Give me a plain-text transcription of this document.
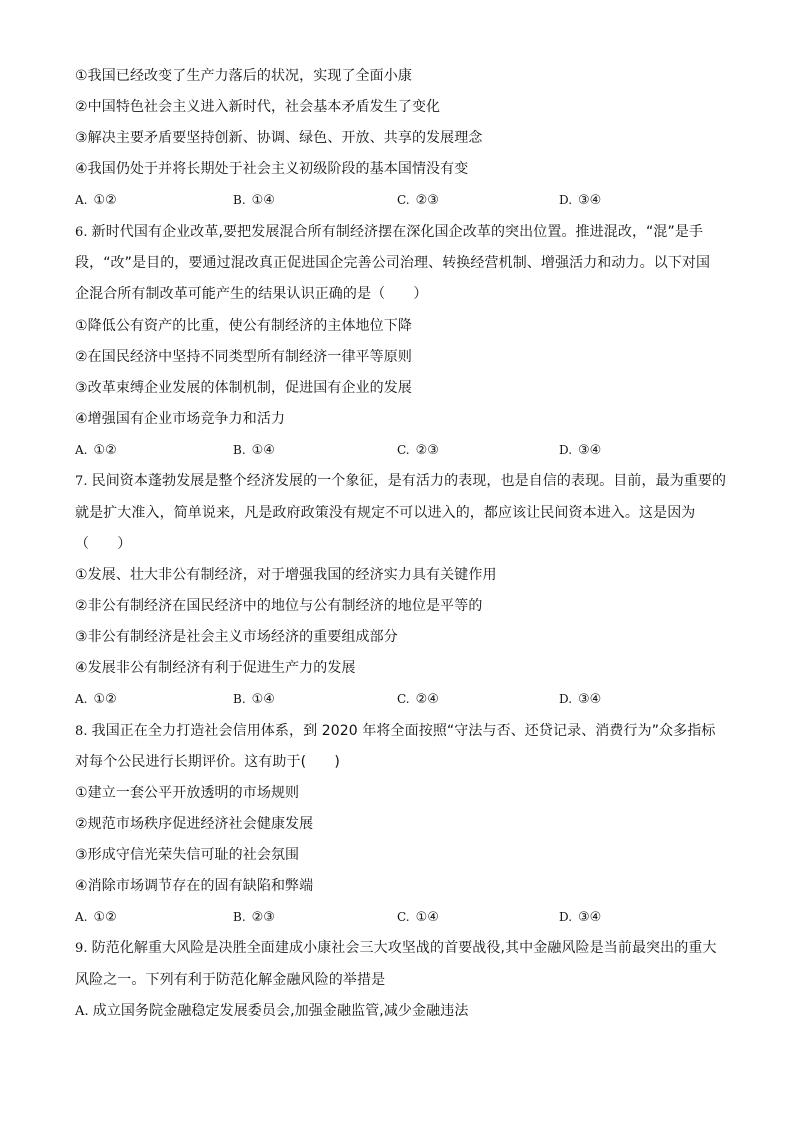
①我国已经改变了生产力落后的状况，实现了全面小康
②中国特色社会主义进入新时代，社会基本矛盾发生了变化
③解决主要矛盾要坚持创新、协调、绿色、开放、共享的发展理念
④我国仍处于并将长期处于社会主义初级阶段的基本国情没有变
A. ①②	B. ①④	C. ②③	D. ③④
6. 新时代国有企业改革,要把发展混合所有制经济摆在深化国企改革的突出位置。推进混改，“混”是手
段，“改”是目的，要通过混改真正促进国企完善公司治理、转换经营机制、增强活力和动力。以下对国
企混合所有制改革可能产生的结果认识正确的是（　　）
①降低公有资产的比重，使公有制经济的主体地位下降
②在国民经济中坚持不同类型所有制经济一律平等原则
③改革束缚企业发展的体制机制，促进国有企业的发展
④增强国有企业市场竞争力和活力
A. ①②	B. ①④	C. ②③	D. ③④
7. 民间资本蓬勃发展是整个经济发展的一个象征，是有活力的表现，也是自信的表现。目前，最为重要的
就是扩大准入，简单说来，凡是政府政策没有规定不可以进入的，都应该让民间资本进入。这是因为
（　　）
①发展、壮大非公有制经济，对于增强我国的经济实力具有关键作用
②非公有制经济在国民经济中的地位与公有制经济的地位是平等的
③非公有制经济是社会主义市场经济的重要组成部分
④发展非公有制经济有利于促进生产力的发展
A. ①②	B. ①④	C. ②④	D. ③④
8. 我国正在全力打造社会信用体系，到 2020 年将全面按照“守法与否、还贷记录、消费行为”众多指标
对每个公民进行长期评价。这有助于(　　)
①建立一套公平开放透明的市场规则
②规范市场秩序促进经济社会健康发展
③形成守信光荣失信可耻的社会氛围
④消除市场调节存在的固有缺陷和弊端
A. ①②	B. ②③	C. ①④	D. ③④
9. 防范化解重大风险是决胜全面建成小康社会三大攻坚战的首要战役,其中金融风险是当前最突出的重大
风险之一。下列有利于防范化解金融风险的举措是
A. 成立国务院金融稳定发展委员会,加强金融监管,减少金融违法
